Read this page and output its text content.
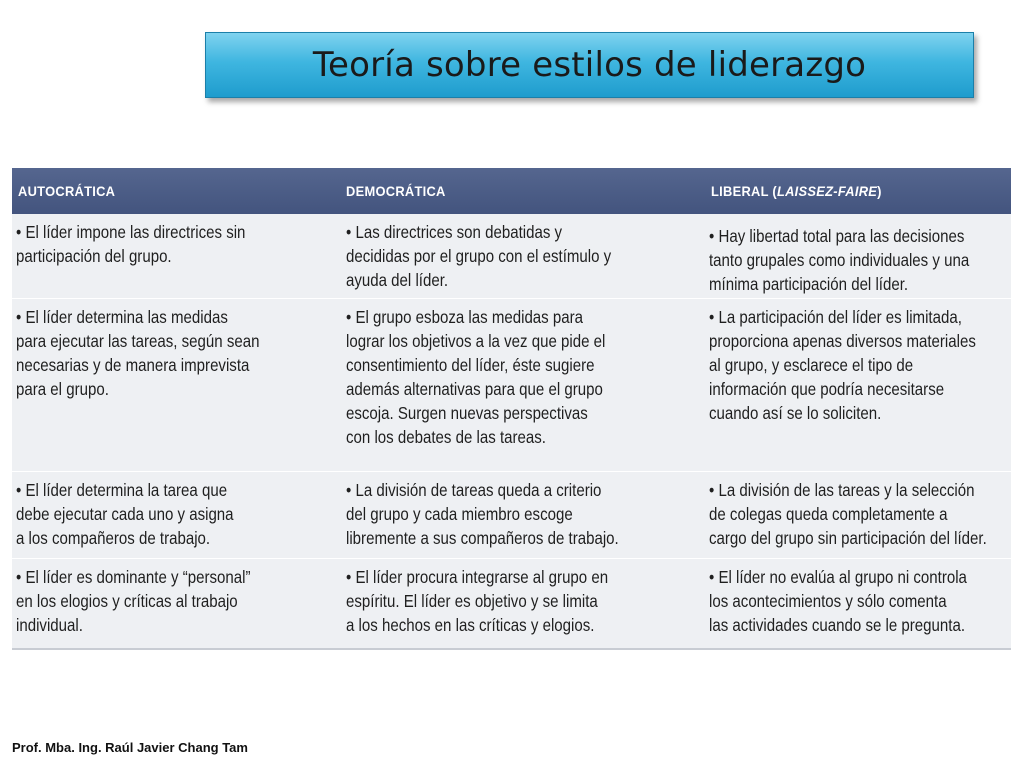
Teoría sobre estilos de liderazgo
AUTOCRÁTICA	DEMOCRÁTICA	LIBERAL (LAISSEZ-FAIRE)
• El líder impone las directrices sin
participación del grupo.
• Las directrices son debatidas y
decididas por el grupo con el estímulo y
ayuda del líder.
• Hay libertad total para las decisiones
tanto grupales como individuales y una
mínima participación del líder.
• El líder determina las medidas
para ejecutar las tareas, según sean
necesarias y de manera imprevista
para el grupo.
• El grupo esboza las medidas para
lograr los objetivos a la vez que pide el
consentimiento del líder, éste sugiere
además alternativas para que el grupo
escoja. Surgen nuevas perspectivas
con los debates de las tareas.
• La participación del líder es limitada,
proporciona apenas diversos materiales
al grupo, y esclarece el tipo de
información que podría necesitarse
cuando así se lo soliciten.
• El líder determina la tarea que
debe ejecutar cada uno y asigna
a los compañeros de trabajo.
• La división de tareas queda a criterio
del grupo y cada miembro escoge
libremente a sus compañeros de trabajo.
• La división de las tareas y la selección
de colegas queda completamente a
cargo del grupo sin participación del líder.
• El líder es dominante y “personal”
en los elogios y críticas al trabajo
individual.
• El líder procura integrarse al grupo en
espíritu. El líder es objetivo y se limita
a los hechos en las críticas y elogios.
• El líder no evalúa al grupo ni controla
los acontecimientos y sólo comenta
las actividades cuando se le pregunta.
Prof. Mba. Ing. Raúl Javier Chang Tam
